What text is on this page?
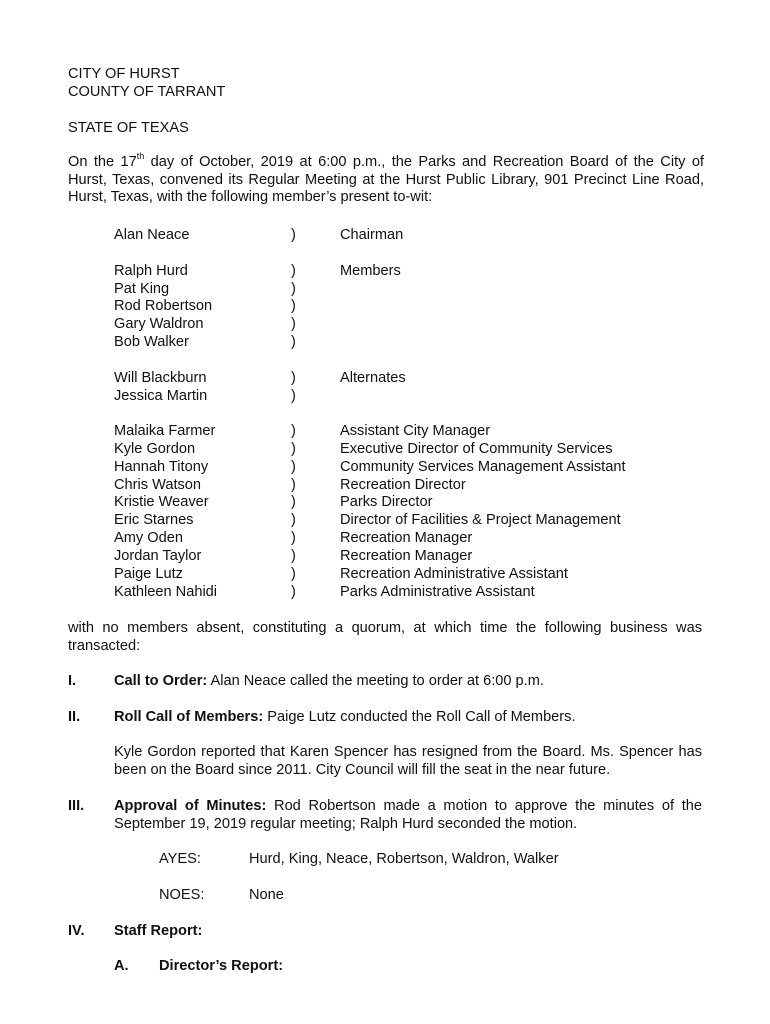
CITY OF HURST
COUNTY OF TARRANT
STATE OF TEXAS

On the 17th day of October, 2019 at 6:00 p.m., the Parks and Recreation Board of the City of Hurst, Texas, convened its Regular Meeting at the Hurst Public Library, 901 Precinct Line Road, Hurst, Texas, with the following member’s present to-wit:

Alan Neace	)	Chairman
Ralph Hurd	)	Members
Pat King	)
Rod Robertson	)
Gary Waldron	)
Bob Walker	)
Will Blackburn	)	Alternates
Jessica Martin	)
Malaika Farmer	)	Assistant City Manager
Kyle Gordon	)	Executive Director of Community Services
Hannah Titony	)	Community Services Management Assistant
Chris Watson	)	Recreation Director
Kristie Weaver	)	Parks Director
Eric Starnes	)	Director of Facilities & Project Management
Amy Oden	)	Recreation Manager
Jordan Taylor	)	Recreation Manager
Paige Lutz	)	Recreation Administrative Assistant
Kathleen Nahidi	)	Parks Administrative Assistant
with no members absent, constituting a quorum, at which time the following business was transacted:
I.	Call to Order: Alan Neace called the meeting to order at 6:00 p.m.
II. Roll Call of Members: Paige Lutz conducted the Roll Call of Members.
Kyle Gordon reported that Karen Spencer has resigned from the Board. Ms. Spencer has been on the Board since 2011. City Council will fill the seat in the near future.
III. Approval of Minutes: Rod Robertson made a motion to approve the minutes of the September 19, 2019 regular meeting; Ralph Hurd seconded the motion.
AYES:	Hurd, King, Neace, Robertson, Waldron, Walker
NOES:	None
IV. Staff Report:
A. Director’s Report:
